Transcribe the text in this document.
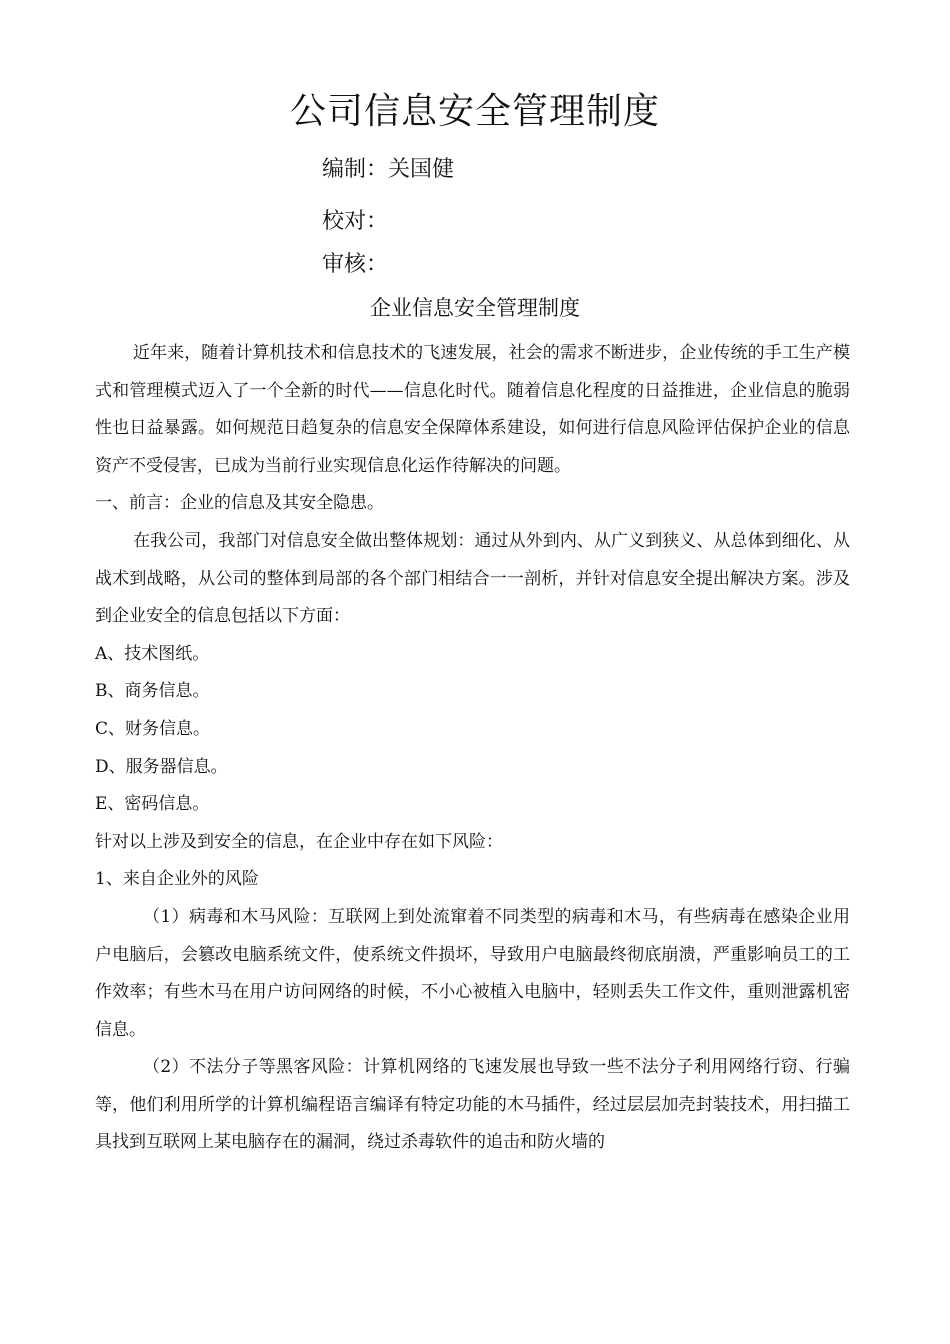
公司信息安全管理制度
编制：关国健
校对：
审核：
企业信息安全管理制度

近年来，随着计算机技术和信息技术的飞速发展，社会的需求不断进步，企业传统的手工生产模式和管理模式迈入了一个全新的时代——信息化时代。随着信息化程度的日益推进，企业信息的脆弱性也日益暴露。如何规范日趋复杂的信息安全保障体系建设，如何进行信息风险评估保护企业的信息资产不受侵害，已成为当前行业实现信息化运作待解决的问题。

一、前言：企业的信息及其安全隐患。

在我公司，我部门对信息安全做出整体规划：通过从外到内、从广义到狭义、从总体到细化、从战术到战略，从公司的整体到局部的各个部门相结合一一剖析，并针对信息安全提出解决方案。涉及到企业安全的信息包括以下方面：

A、技术图纸。

B、商务信息。

C、财务信息。

D、服务器信息。

E、密码信息。

针对以上涉及到安全的信息，在企业中存在如下风险：

1、来自企业外的风险

（1）病毒和木马风险：互联网上到处流窜着不同类型的病毒和木马，有些病毒在感染企业用户电脑后，会篡改电脑系统文件，使系统文件损坏，导致用户电脑最终彻底崩溃，严重影响员工的工作效率；有些木马在用户访问网络的时候，不小心被植入电脑中，轻则丢失工作文件，重则泄露机密信息。

（2）不法分子等黑客风险：计算机网络的飞速发展也导致一些不法分子利用网络行窃、行骗等，他们利用所学的计算机编程语言编译有特定功能的木马插件，经过层层加壳封装技术，用扫描工具找到互联网上某电脑存在的漏洞，绕过杀毒软件的追击和防火墙的
